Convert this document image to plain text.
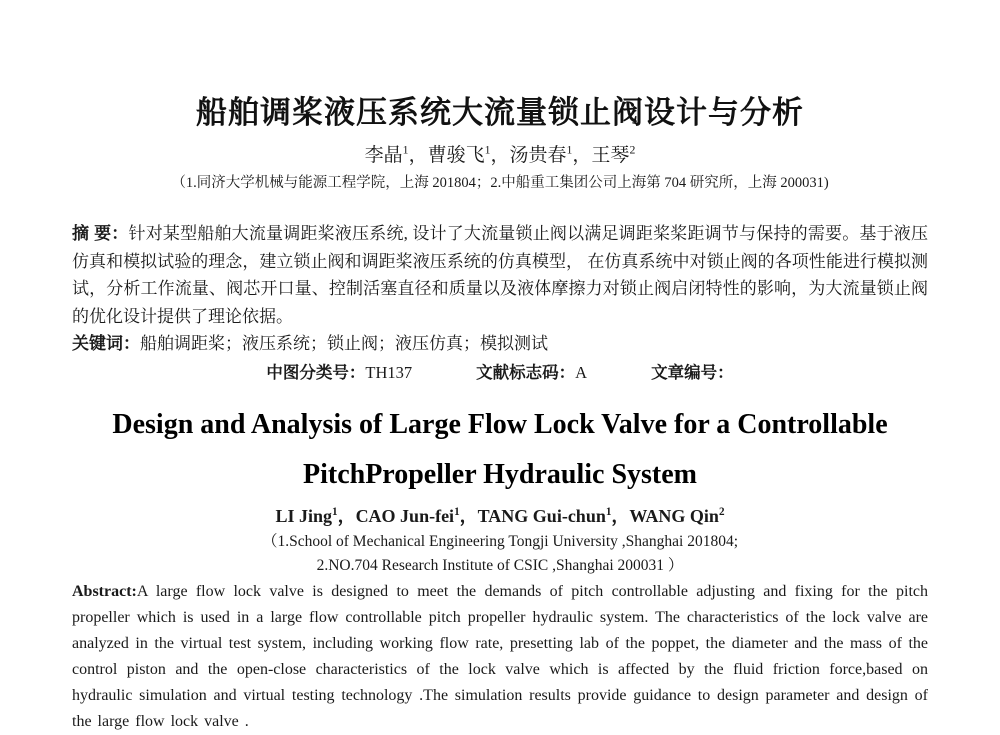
船舶调桨液压系统大流量锁止阀设计与分析
李晶$^1$，曹骏飞$^1$，汤贵春$^1$，王琴$^2$
（1.同济大学机械与能源工程学院，上海 201804；2.中船重工集团公司上海第 704 研究所，上海 200031)

摘 要：针对某型船舶大流量调距桨液压系统, 设计了大流量锁止阀以满足调距桨桨距调节与保持的需要。基于液压仿真和模拟试验的理念，建立锁止阀和调距桨液压系统的仿真模型， 在仿真系统中对锁止阀的各项性能进行模拟测试，分析工作流量、阀芯开口量、控制活塞直径和质量以及液体摩擦力对锁止阀启闭特性的影响，为大流量锁止阀的优化设计提供了理论依据。

关键词：船舶调距桨；液压系统；锁止阀；液压仿真；模拟测试

中图分类号：TH137	文献标志码：A	文章编号：
Design and Analysis of Large Flow Lock Valve for a Controllable
PitchPropeller Hydraulic System
LI Jing$^1$，CAO Jun-fei$^1$，TANG Gui-chun$^1$，WANG Qin$^2$
（1.School of Mechanical Engineering Tongji University ,Shanghai 201804;
2.NO.704 Research Institute of CSIC ,Shanghai 200031 ）

Abstract:A large flow lock valve is designed to meet the demands of pitch controllable adjusting and fixing for the pitch propeller which is used in a large flow controllable pitch propeller hydraulic system. The characteristics of the lock valve are analyzed in the virtual test system, including working flow rate, presetting lab of the poppet, the diameter and the mass of the control piston and the open-close characteristics of the lock valve which is affected by the fluid friction force,based on hydraulic simulation and virtual testing technology .The simulation results provide guidance to design parameter and design of the large flow lock valve .
